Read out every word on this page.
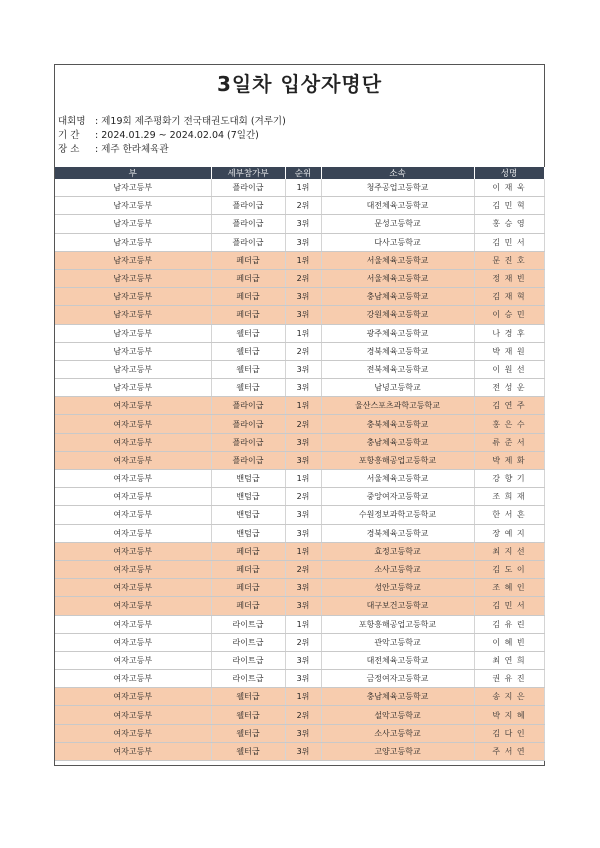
3일차 입상자명단
대회명 : 제19회 제주평화기 전국태권도대회 (겨루기)
기 간 : 2024.01.29 ~ 2024.02.04 (7일간)
장 소 : 제주 한라체육관
부	세부참가부	순위	소속	성명
남자고등부	플라이급	1위	청주공업고등학교	이 재 욱
남자고등부	플라이급	2위	대전체육고등학교	김 민 혁
남자고등부	플라이급	3위	문성고등학교	홍 승 영
남자고등부	플라이급	3위	다사고등학교	김 민 서
남자고등부	페더급	1위	서울체육고등학교	문 진 호
남자고등부	페더급	2위	서울체육고등학교	정 재 빈
남자고등부	페더급	3위	충남체육고등학교	김 재 혁
남자고등부	페더급	3위	강원체육고등학교	이 승 민
남자고등부	웰터급	1위	광주체육고등학교	나 경 후
남자고등부	웰터급	2위	경북체육고등학교	박 재 원
남자고등부	웰터급	3위	전북체육고등학교	이 원 선
남자고등부	웰터급	3위	남녕고등학교	전 성 운
여자고등부	플라이급	1위	울산스포츠과학고등학교	김 연 주
여자고등부	플라이급	2위	충북체육고등학교	홍 은 수
여자고등부	플라이급	3위	충남체육고등학교	류 준 서
여자고등부	플라이급	3위	포항흥해공업고등학교	박 제 화
여자고등부	밴텀급	1위	서울체육고등학교	강 향 기
여자고등부	밴텀급	2위	중앙여자고등학교	조 희 재
여자고등부	밴텀급	3위	수원정보과학고등학교	한 서 흔
여자고등부	밴텀급	3위	경북체육고등학교	장 예 지
여자고등부	페더급	1위	효정고등학교	최 지 선
여자고등부	페더급	2위	소사고등학교	김 도 이
여자고등부	페더급	3위	성안고등학교	조 혜 인
여자고등부	페더급	3위	대구보건고등학교	김 민 서
여자고등부	라이트급	1위	포항흥해공업고등학교	김 유 린
여자고등부	라이트급	2위	관악고등학교	이 혜 빈
여자고등부	라이트급	3위	대전체육고등학교	최 연 희
여자고등부	라이트급	3위	금정여자고등학교	권 유 진
여자고등부	웰터급	1위	충남체육고등학교	송 지 은
여자고등부	웰터급	2위	설악고등학교	박 지 혜
여자고등부	웰터급	3위	소사고등학교	김 다 인
여자고등부	웰터급	3위	고양고등학교	주 서 연
